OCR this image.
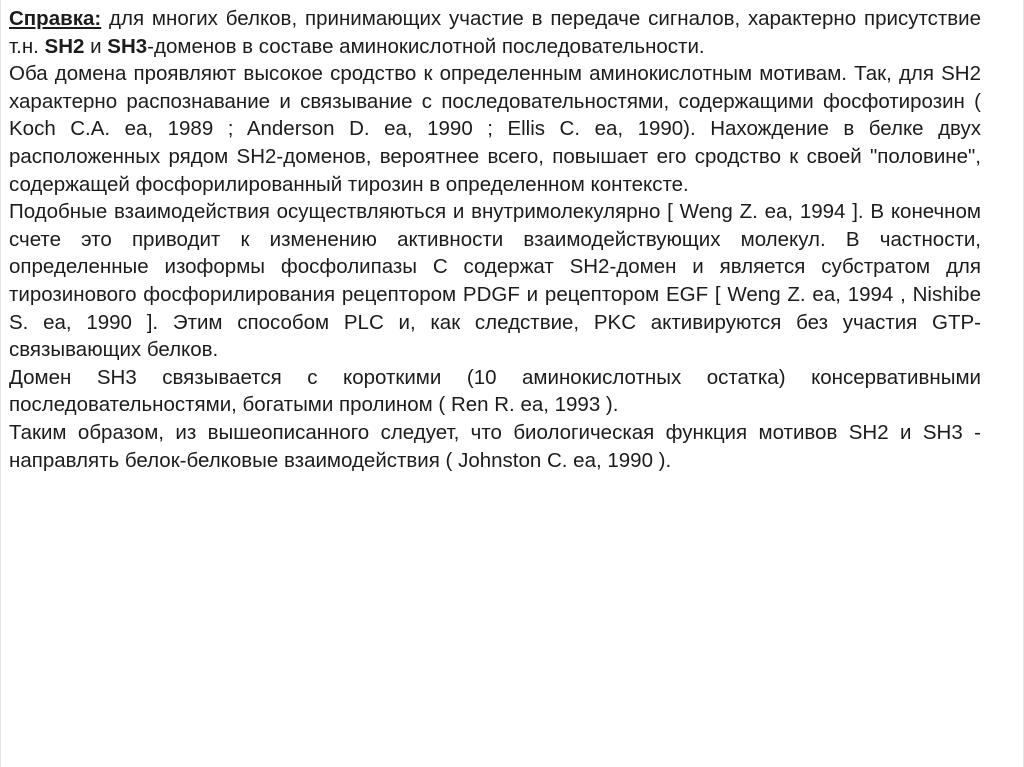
Справка: для многих белков, принимающих участие в передаче сигналов, характерно присутствие т.н. SH2 и SH3-доменов в составе аминокислотной последовательности.

Оба домена проявляют высокое сродство к определенным аминокислотным мотивам. Так, для SH2 характерно распознавание и связывание с последовательностями, содержащими фосфотирозин ( Koch C.A. ea, 1989 ; Anderson D. ea, 1990 ; Ellis C. ea, 1990). Нахождение в белке двух расположенных рядом SH2-доменов, вероятнее всего, повышает его сродство к своей "половине", содержащей фосфорилированный тирозин в определенном контексте.

Подобные взаимодействия осуществляються и внутримолекулярно [ Weng Z. ea, 1994 ]. В конечном счете это приводит к изменению активности взаимодействующих молекул. В частности, определенные изоформы фосфолипазы С содержат SH2-домен и является субстратом для тирозинового фосфорилирования рецептором PDGF и рецептором EGF [ Weng Z. ea, 1994 , Nishibe S. ea, 1990 ]. Этим способом PLC и, как следствие, PKC активируются без участия GTP-связывающих белков.

Домен SH3 связывается с короткими (10 аминокислотных остатка) консервативными последовательностями, богатыми пролином ( Ren R. ea, 1993 ).

Таким образом, из вышеописанного следует, что биологическая функция мотивов SH2 и SH3 - направлять белок-белковые взаимодействия ( Johnston C. ea, 1990 ).
